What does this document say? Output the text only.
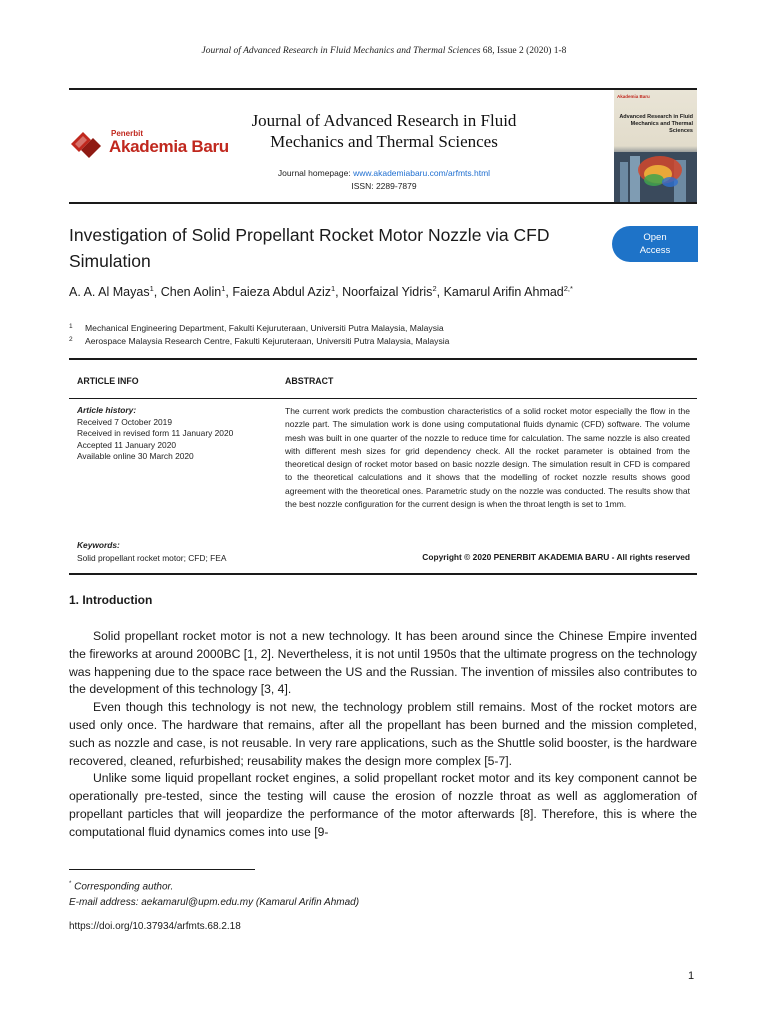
Journal of Advanced Research in Fluid Mechanics and Thermal Sciences 68, Issue 2 (2020) 1-8
Penerbit
Akademia Baru
Journal of Advanced Research in Fluid
Mechanics and Thermal Sciences
Journal homepage: www.akademiabaru.com/arfmts.html
ISSN: 2289-7879
Akademia Baru
Advanced Research in Fluid Mechanics and Thermal Sciences
Investigation of Solid Propellant Rocket Motor Nozzle via CFD Simulation
Open
Access
A. A. Al Mayas$^1$, Chen Aolin$^1$, Faieza Abdul Aziz$^1$, Noorfaizal Yidris$^2$, Kamarul Arifin Ahmad$^{2,*}$
1	Mechanical Engineering Department, Fakulti Kejuruteraan, Universiti Putra Malaysia, Malaysia
2	Aerospace Malaysia Research Centre, Fakulti Kejuruteraan, Universiti Putra Malaysia, Malaysia
ARTICLE INFO	ABSTRACT
Article history:
Received 7 October 2019
Received in revised form 11 January 2020
Accepted 11 January 2020
Available online 30 March 2020
Keywords:
Solid propellant rocket motor; CFD; FEA
The current work predicts the combustion characteristics of a solid rocket motor especially the flow in the nozzle part. The simulation work is done using computational fluids dynamic (CFD) software. The volume mesh was built in one quarter of the nozzle to reduce time for calculation. The same nozzle is also created with different mesh sizes for grid dependency check. All the rocket parameter is obtained from the theoretical design of rocket motor based on basic nozzle design. The simulation result in CFD is compared to the theoretical calculations and it shows that the modelling of rocket nozzle results shows good agreement with the theoretical ones. Parametric study on the nozzle was conducted. The results show that the best nozzle configuration for the current design is when the throat length is set to 1mm.
Copyright © 2020 PENERBIT AKADEMIA BARU - All rights reserved
1. Introduction

Solid propellant rocket motor is not a new technology. It has been around since the Chinese Empire invented the fireworks at around 2000BC [1, 2]. Nevertheless, it is not until 1950s that the ultimate progress on the technology was happening due to the space race between the US and the Russian. The invention of missiles also contributes to the development of this technology [3, 4].

Even though this technology is not new, the technology problem still remains. Most of the rocket motors are used only once. The hardware that remains, after all the propellant has been burned and the mission completed, such as nozzle and case, is not reusable. In very rare applications, such as the Shuttle solid booster, is the hardware recovered, cleaned, refurbished; reusability makes the design more complex [5-7].

Unlike some liquid propellant rocket engines, a solid propellant rocket motor and its key component cannot be operationally pre-tested, since the testing will cause the erosion of nozzle throat as well as agglomeration of propellant particles that will jeopardize the performance of the motor afterwards [8]. Therefore, this is where the computational fluid dynamics comes into use [9-

* Corresponding author.
E-mail address: aekamarul@upm.edu.my (Kamarul Arifin Ahmad)
https://doi.org/10.37934/arfmts.68.2.18
1
